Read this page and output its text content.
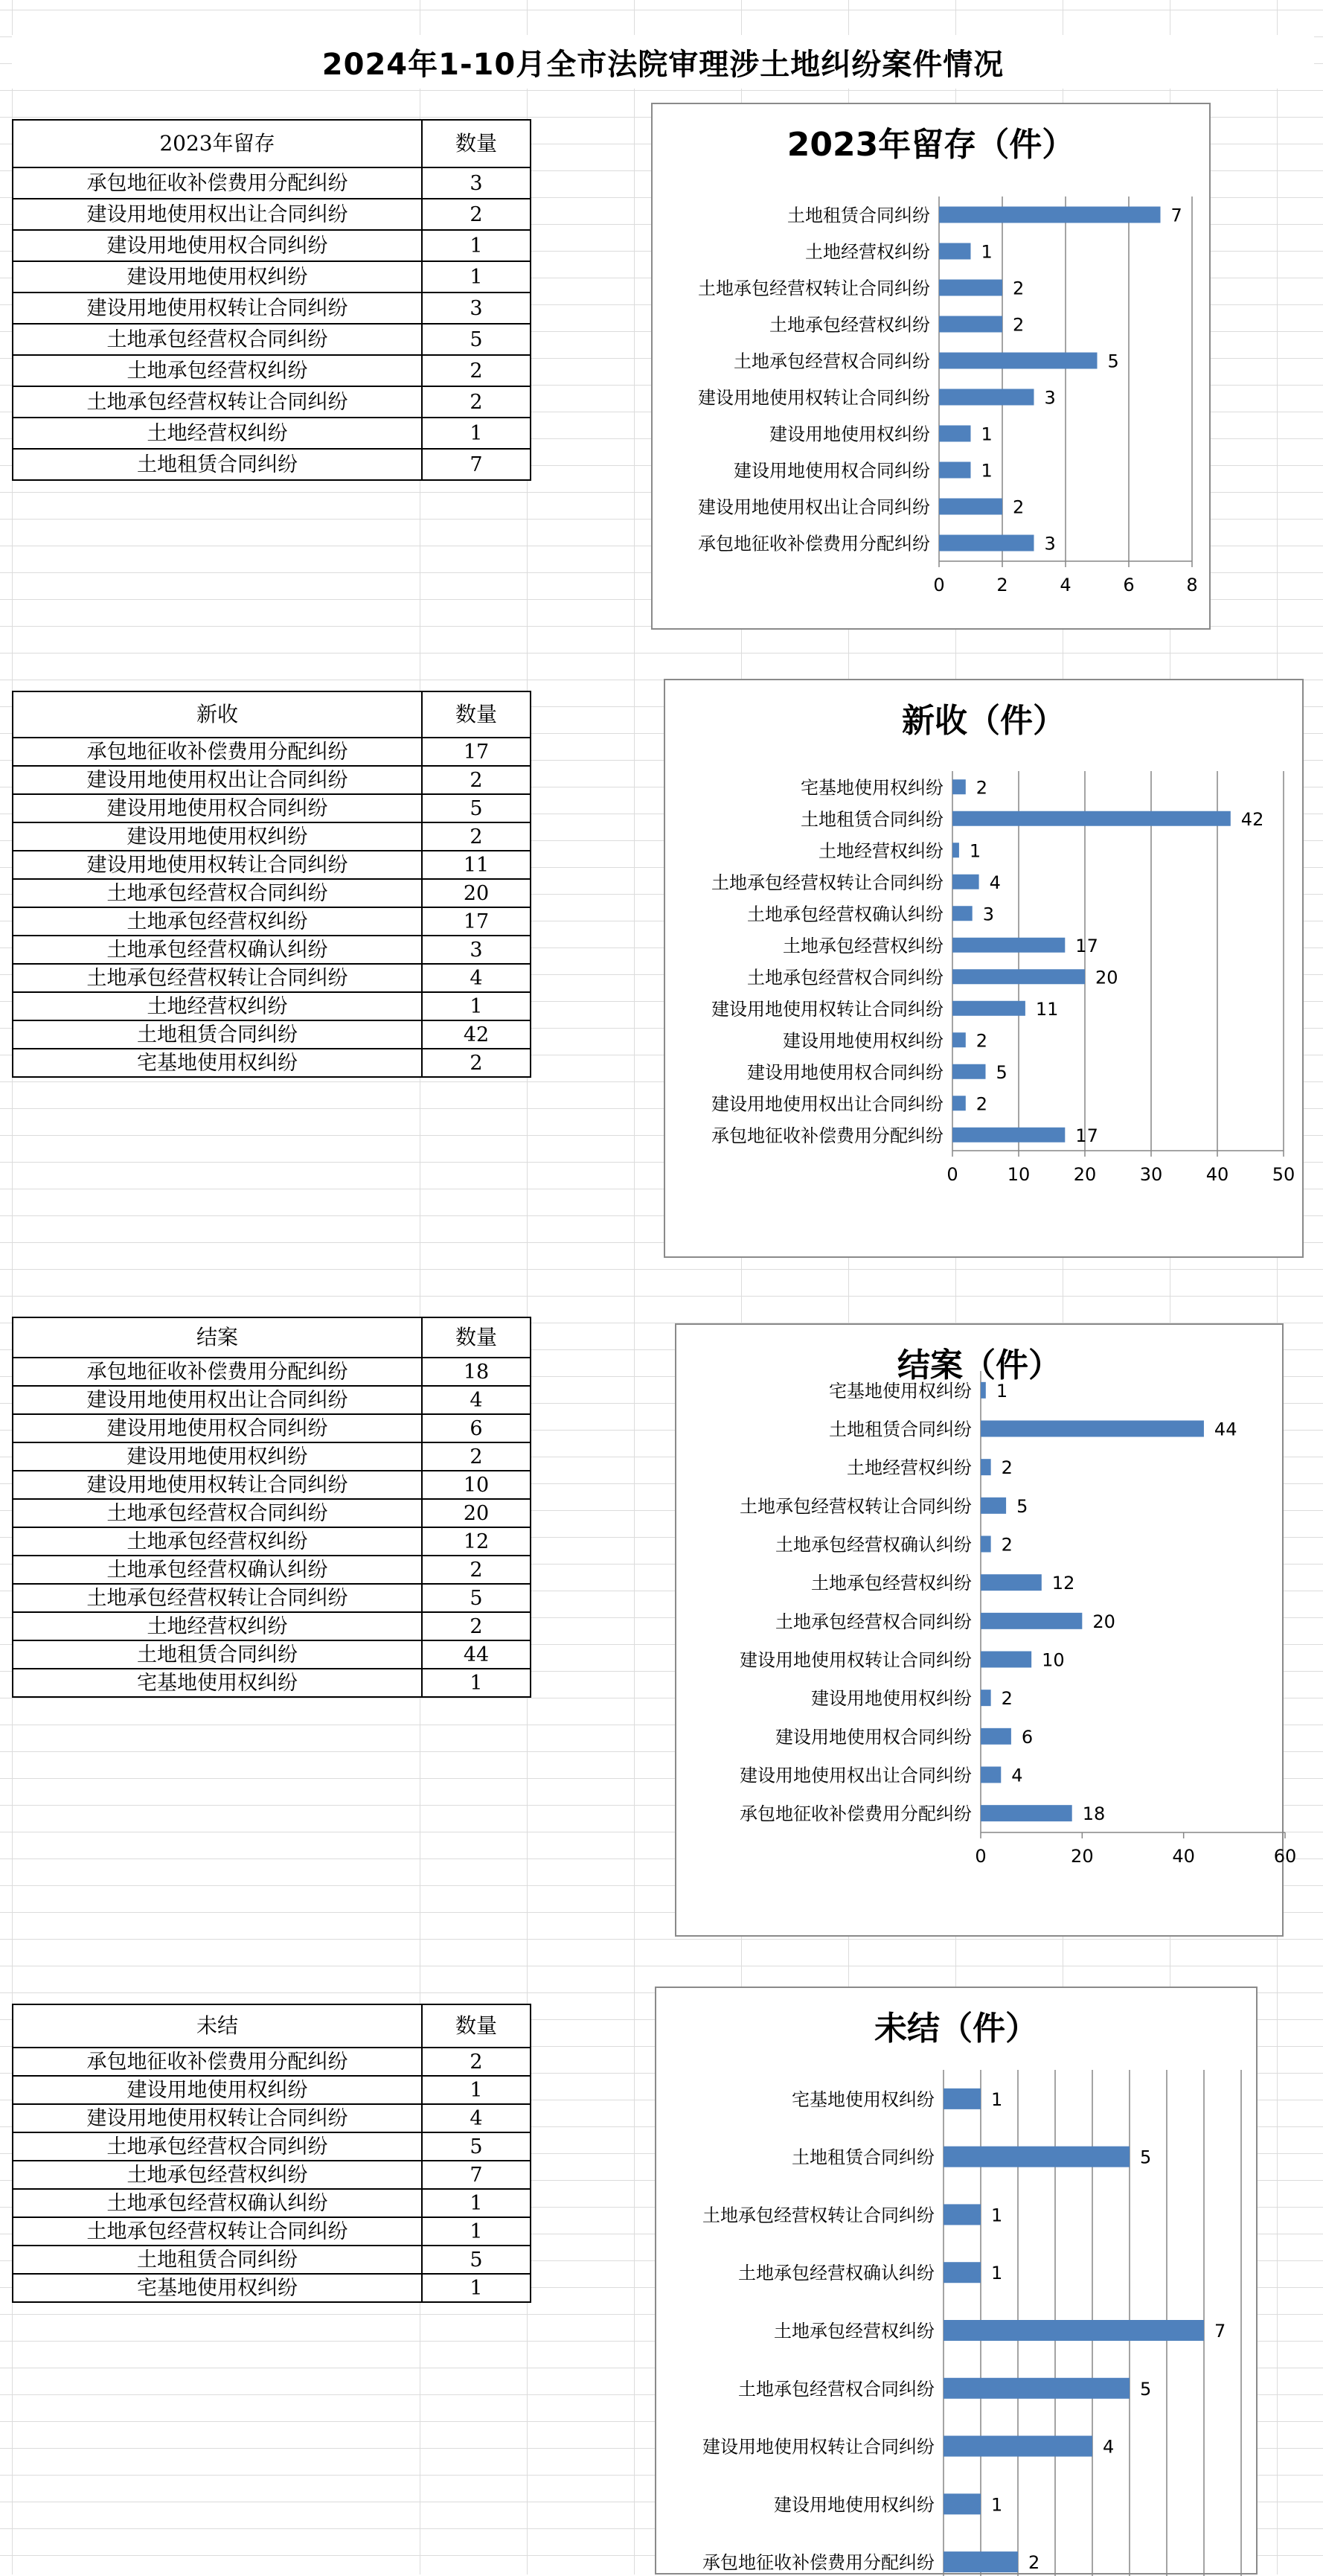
2024年1-10月全市法院审理涉土地纠纷案件情况
2023年留存	数量
承包地征收补偿费用分配纠纷	3
建设用地使用权出让合同纠纷	2
建设用地使用权合同纠纷	1
建设用地使用权纠纷	1
建设用地使用权转让合同纠纷	3
土地承包经营权合同纠纷	5
土地承包经营权纠纷	2
土地承包经营权转让合同纠纷	2
土地经营权纠纷	1
土地租赁合同纠纷	7
新收	数量
承包地征收补偿费用分配纠纷	17
建设用地使用权出让合同纠纷	2
建设用地使用权合同纠纷	5
建设用地使用权纠纷	2
建设用地使用权转让合同纠纷	11
土地承包经营权合同纠纷	20
土地承包经营权纠纷	17
土地承包经营权确认纠纷	3
土地承包经营权转让合同纠纷	4
土地经营权纠纷	1
土地租赁合同纠纷	42
宅基地使用权纠纷	2
结案	数量
承包地征收补偿费用分配纠纷	18
建设用地使用权出让合同纠纷	4
建设用地使用权合同纠纷	6
建设用地使用权纠纷	2
建设用地使用权转让合同纠纷	10
土地承包经营权合同纠纷	20
土地承包经营权纠纷	12
土地承包经营权确认纠纷	2
土地承包经营权转让合同纠纷	5
土地经营权纠纷	2
土地租赁合同纠纷	44
宅基地使用权纠纷	1
未结	数量
承包地征收补偿费用分配纠纷	2
建设用地使用权纠纷	1
建设用地使用权转让合同纠纷	4
土地承包经营权合同纠纷	5
土地承包经营权纠纷	7
土地承包经营权确认纠纷	1
土地承包经营权转让合同纠纷	1
土地租赁合同纠纷	5
宅基地使用权纠纷	1
0	2	4	6	8
承包地征收补偿费用分配纠纷	3
建设用地使用权出让合同纠纷	2
建设用地使用权合同纠纷	1
建设用地使用权纠纷	1
建设用地使用权转让合同纠纷	3
土地承包经营权合同纠纷	5
土地承包经营权纠纷	2
土地承包经营权转让合同纠纷	2
土地经营权纠纷	1
土地租赁合同纠纷	7
2023年留存（件）
0	10 20 30 40 50
承包地征收补偿费用分配纠纷	17
建设用地使用权出让合同纠纷 2
建设用地使用权合同纠纷	5
建设用地使用权纠纷 2
建设用地使用权转让合同纠纷	11
土地承包经营权合同纠纷	20
土地承包经营权纠纷	17
土地承包经营权确认纠纷 3
土地承包经营权转让合同纠纷	4
土地经营权纠纷 1
土地租赁合同纠纷	42
宅基地使用权纠纷 2
新收（件）
0	20	40	60
承包地征收补偿费用分配纠纷	18
建设用地使用权出让合同纠纷 4
建设用地使用权合同纠纷	6
建设用地使用权纠纷 2
建设用地使用权转让合同纠纷	10
土地承包经营权合同纠纷	20
土地承包经营权纠纷	12
土地承包经营权确认纠纷 2
土地承包经营权转让合同纠纷	5
土地经营权纠纷 2
土地租赁合同纠纷	44
宅基地使用权纠纷 1
结案（件）
承包地征收补偿费用分配纠纷	2
建设用地使用权纠纷	1
建设用地使用权转让合同纠纷	4
土地承包经营权合同纠纷	5
土地承包经营权纠纷	7
土地承包经营权确认纠纷	1
土地承包经营权转让合同纠纷	1
土地租赁合同纠纷	5
宅基地使用权纠纷	1
未结（件）
